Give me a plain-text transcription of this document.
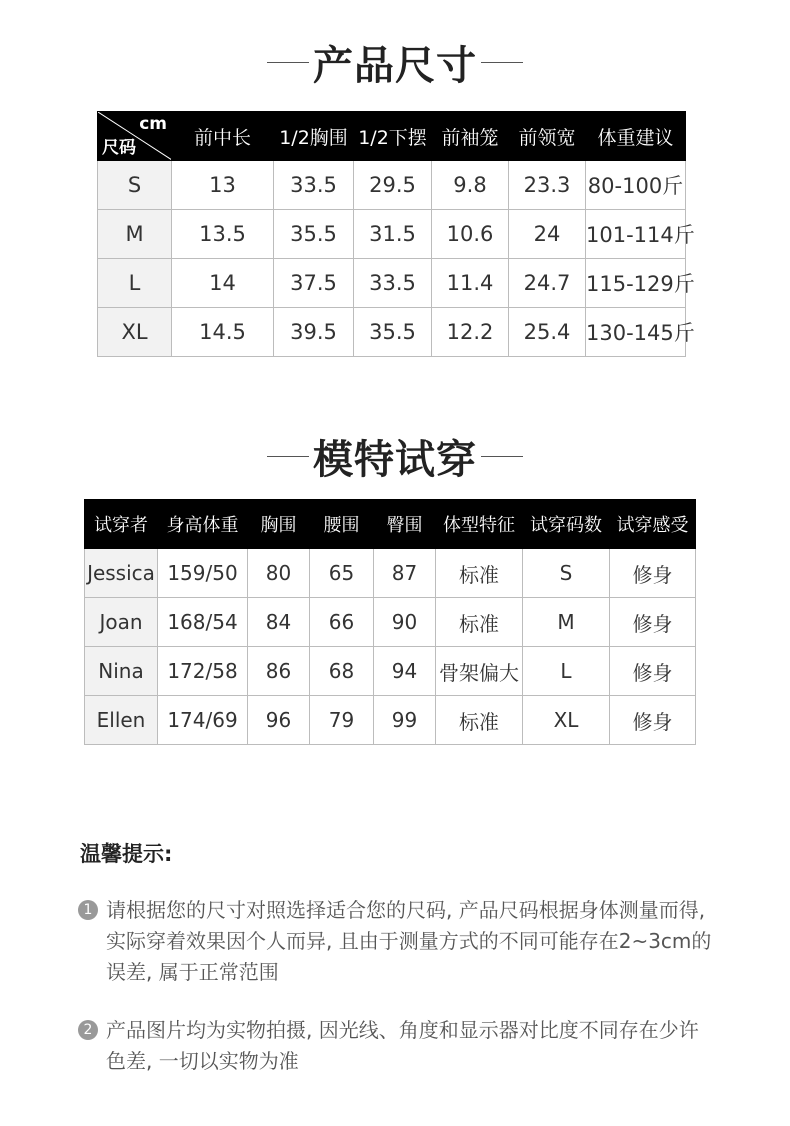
产品尺寸
cm
尺码	前中长	1/2胸围	1/2下摆	前袖笼	前领宽	体重建议
S	13	33.5	29.5	9.8	23.3	80-100斤
M	13.5	35.5	31.5	10.6	24	101-114斤
L	14	37.5	33.5	11.4	24.7	115-129斤
XL	14.5	39.5	35.5	12.2	25.4	130-145斤
模特试穿
试穿者	身高体重	胸围	腰围	臀围	体型特征	试穿码数	试穿感受
Jessica	159/50	80	65	87	标准	S	修身
Joan	168/54	84	66	90	标准	M	修身
Nina	172/58	86	68	94	骨架偏大	L	修身
Ellen	174/69	96	79	99	标准	XL	修身
温馨提示:
1 请根据您的尺寸对照选择适合您的尺码, 产品尺码根据身体测量而得, 实际穿着效果因个人而异, 且由于测量方式的不同可能存在2~3cm的误差, 属于正常范围
2 产品图片均为实物拍摄, 因光线、角度和显示器对比度不同存在少许色差, 一切以实物为准
